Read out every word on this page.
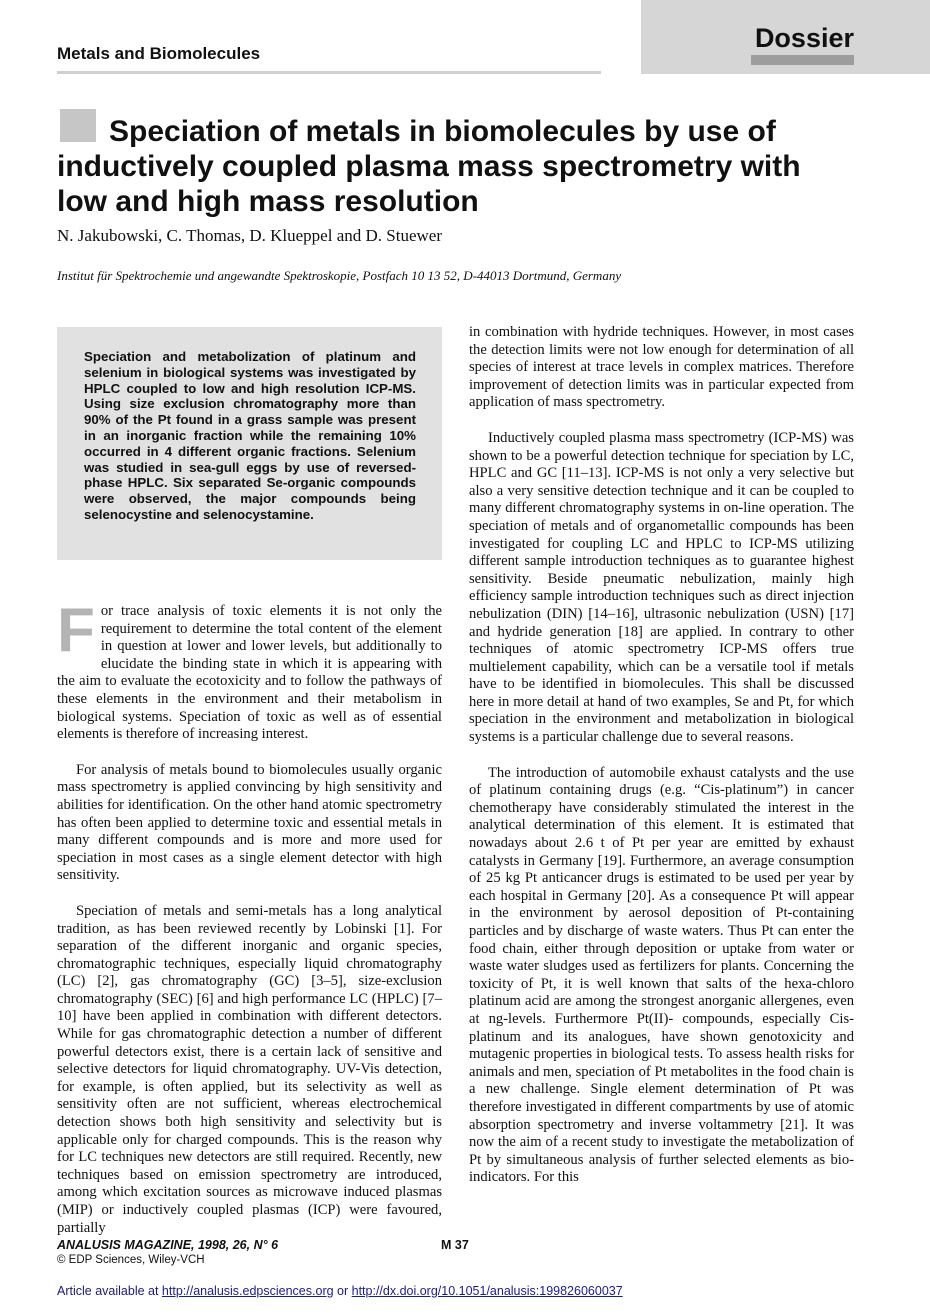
Metals and Biomolecules
Dossier
Speciation of metals in biomolecules by use of inductively coupled plasma mass spectrometry with low and high mass resolution
N. Jakubowski, C. Thomas, D. Klueppel and D. Stuewer
Institut für Spektrochemie und angewandte Spektroskopie, Postfach 10 13 52, D-44013 Dortmund, Germany

Speciation and metabolization of platinum and selenium in biological systems was investigated by HPLC coupled to low and high resolution ICP-MS. Using size exclusion chromatography more than 90% of the Pt found in a grass sample was present in an inorganic fraction while the remaining 10% occurred in 4 different organic fractions. Selenium was studied in sea-gull eggs by use of reversed-phase HPLC. Six separated Se-organic compounds were observed, the major compounds being selenocystine and selenocystamine.

For trace analysis of toxic elements it is not only the requirement to determine the total content of the element in question at lower and lower levels, but additionally to elucidate the binding state in which it is appearing with the aim to evaluate the ecotoxicity and to follow the pathways of these elements in the environment and their metabolism in biological systems. Speciation of toxic as well as of essential elements is therefore of increasing interest.

For analysis of metals bound to biomolecules usually organic mass spectrometry is applied convincing by high sensitivity and abilities for identification. On the other hand atomic spectrometry has often been applied to determine toxic and essential metals in many different compounds and is more and more used for speciation in most cases as a single element detector with high sensitivity.

Speciation of metals and semi-metals has a long analytical tradition, as has been reviewed recently by Lobinski [1]. For separation of the different inorganic and organic species, chromatographic techniques, especially liquid chromatography (LC) [2], gas chromatography (GC) [3–5], size-exclusion chromatography (SEC) [6] and high performance LC (HPLC) [7–10] have been applied in combination with different detectors. While for gas chromatographic detection a number of different powerful detectors exist, there is a certain lack of sensitive and selective detectors for liquid chromatography. UV-Vis detection, for example, is often applied, but its selectivity as well as sensitivity often are not sufficient, whereas electrochemical detection shows both high sensitivity and selectivity but is applicable only for charged compounds. This is the reason why for LC techniques new detectors are still required. Recently, new techniques based on emission spectrometry are introduced, among which excitation sources as microwave induced plasmas (MIP) or inductively coupled plasmas (ICP) were favoured, partially

in combination with hydride techniques. However, in most cases the detection limits were not low enough for determination of all species of interest at trace levels in complex matrices. Therefore improvement of detection limits was in particular expected from application of mass spectrometry.

Inductively coupled plasma mass spectrometry (ICP-MS) was shown to be a powerful detection technique for speciation by LC, HPLC and GC [11–13]. ICP-MS is not only a very selective but also a very sensitive detection technique and it can be coupled to many different chromatography systems in on-line operation. The speciation of metals and of organometallic compounds has been investigated for coupling LC and HPLC to ICP-MS utilizing different sample introduction techniques as to guarantee highest sensitivity. Beside pneumatic nebulization, mainly high efficiency sample introduction techniques such as direct injection nebulization (DIN) [14–16], ultrasonic nebulization (USN) [17] and hydride generation [18] are applied. In contrary to other techniques of atomic spectrometry ICP-MS offers true multielement capability, which can be a versatile tool if metals have to be identified in biomolecules. This shall be discussed here in more detail at hand of two examples, Se and Pt, for which speciation in the environment and metabolization in biological systems is a particular challenge due to several reasons.

The introduction of automobile exhaust catalysts and the use of platinum containing drugs (e.g. “Cis-platinum”) in cancer chemotherapy have considerably stimulated the interest in the analytical determination of this element. It is estimated that nowadays about 2.6 t of Pt per year are emitted by exhaust catalysts in Germany [19]. Furthermore, an average consumption of 25 kg Pt anticancer drugs is estimated to be used per year by each hospital in Germany [20]. As a consequence Pt will appear in the environment by aerosol deposition of Pt-containing particles and by discharge of waste waters. Thus Pt can enter the food chain, either through deposition or uptake from water or waste water sludges used as fertilizers for plants. Concerning the toxicity of Pt, it is well known that salts of the hexa-chloro platinum acid are among the strongest anorganic allergenes, even at ng-levels. Furthermore Pt(II)- compounds, especially Cis-platinum and its analogues, have shown genotoxicity and mutagenic properties in biological tests. To assess health risks for animals and men, speciation of Pt metabolites in the food chain is a new challenge. Single element determination of Pt was therefore investigated in different compartments by use of atomic absorption spectrometry and inverse voltammetry [21]. It was now the aim of a recent study to investigate the metabolization of Pt by simultaneous analysis of further selected elements as bio-indicators. For this

ANALUSIS MAGAZINE, 1998, 26, N° 6	M 37
© EDP Sciences, Wiley-VCH
Article available at http://analusis.edpsciences.org or http://dx.doi.org/10.1051/analusis:199826060037
